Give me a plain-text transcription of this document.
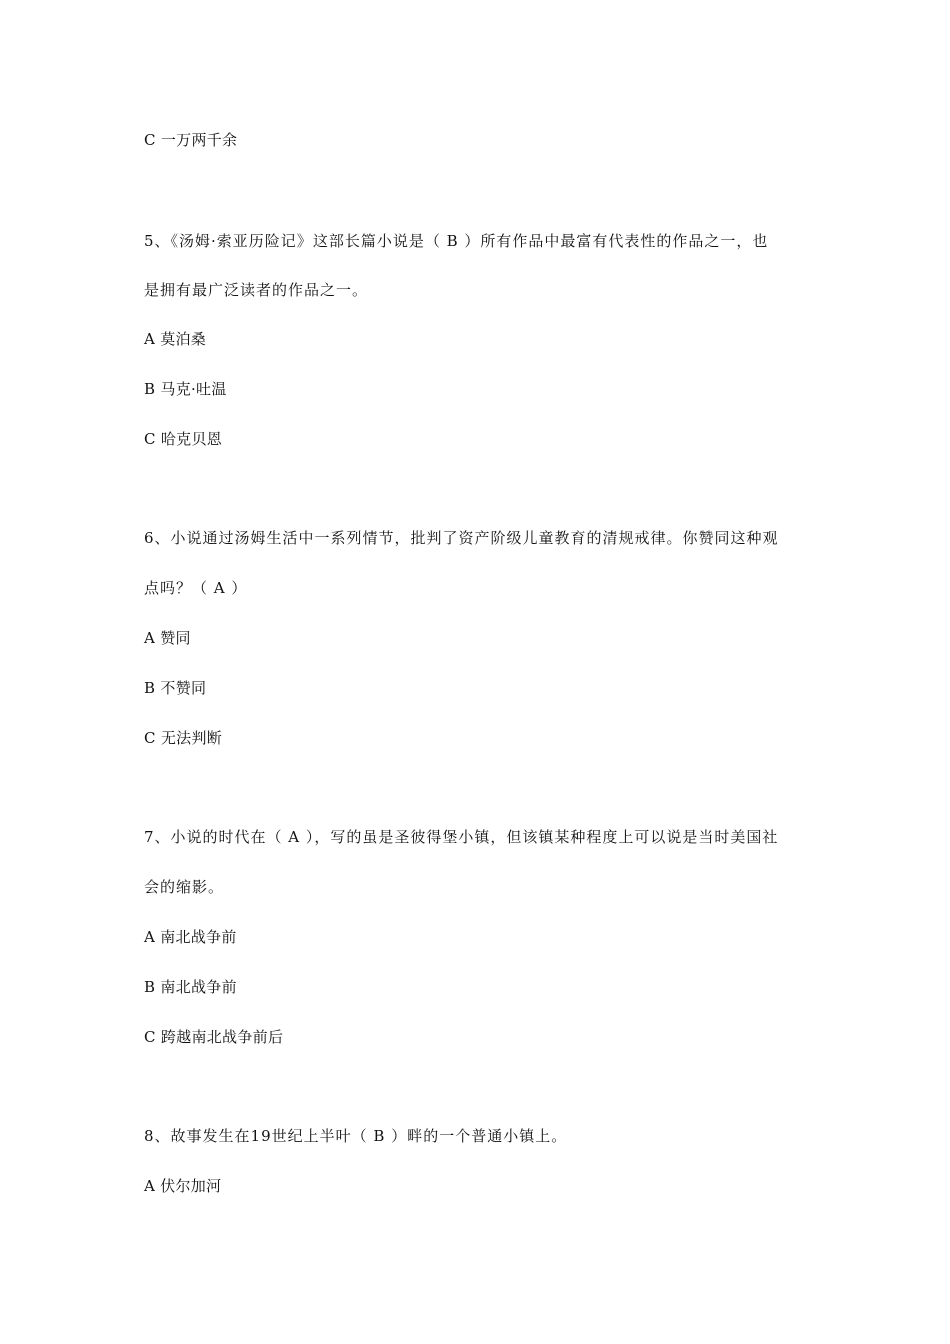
C 一万两千余
5、《汤姆·索亚历险记》这部长篇小说是（ B ）所有作品中最富有代表性的作品之一，也
是拥有最广泛读者的作品之一。
A 莫泊桑
B 马克·吐温
C 哈克贝恩
6、小说通过汤姆生活中一系列情节，批判了资产阶级儿童教育的清规戒律。你赞同这种观
点吗？（ A ）
A 赞同
B 不赞同
C 无法判断
7、小说的时代在（ A ），写的虽是圣彼得堡小镇，但该镇某种程度上可以说是当时美国社
会的缩影。
A 南北战争前
B 南北战争前
C 跨越南北战争前后
8、故事发生在19世纪上半叶（ B ）畔的一个普通小镇上。
A 伏尔加河
